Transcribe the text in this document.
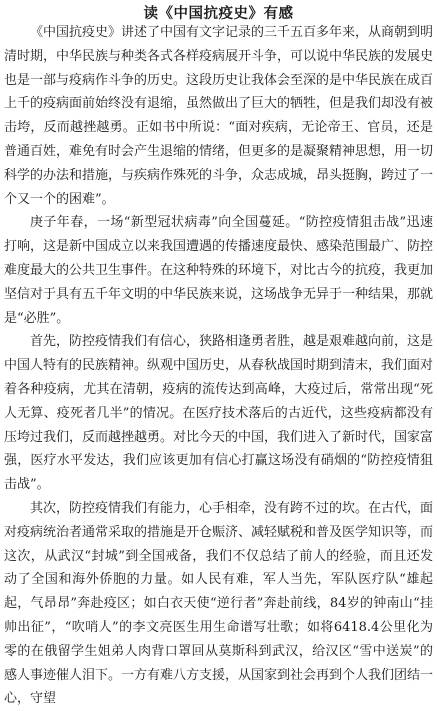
读《中国抗疫史》有感

《中国抗疫史》讲述了中国有文字记录的三千五百多年来，从商朝到明清时期，中华民族与种类各式各样疫病展开斗争，可以说中华民族的发展史也是一部与疫病作斗争的历史。这段历史让我体会至深的是中华民族在成百上千的疫病面前始终没有退缩，虽然做出了巨大的牺牲，但是我们却没有被击垮，反而越挫越勇。正如书中所说：“面对疾病，无论帝王、官员，还是普通百姓，难免有时会产生退缩的情绪，但更多的是凝聚精神思想，用一切科学的办法和措施，与疾病作殊死的斗争，众志成城，昂头挺胸，跨过了一个又一个的困难”。

庚子年春，一场“新型冠状病毒”向全国蔓延。“防控疫情狙击战”迅速打响，这是新中国成立以来我国遭遇的传播速度最快、感染范围最广、防控难度最大的公共卫生事件。在这种特殊的环境下，对比古今的抗疫，我更加坚信对于具有五千年文明的中华民族来说，这场战争无异于一种结果，那就是“必胜”。

首先，防控疫情我们有信心，狭路相逢勇者胜，越是艰难越向前，这是中国人特有的民族精神。纵观中国历史，从春秋战国时期到清末，我们面对着各种疫病，尤其在清朝，疫病的流传达到高峰，大疫过后，常常出现“死人无算、疫死者几半”的情况。在医疗技术落后的古近代，这些疫病都没有压垮过我们，反而越挫越勇。对比今天的中国，我们进入了新时代，国家富强，医疗水平发达，我们应该更加有信心打赢这场没有硝烟的“防控疫情狙击战”。

其次，防控疫情我们有能力，心手相牵，没有跨不过的坎。在古代，面对疫病统治者通常采取的措施是开仓赈济、减轻赋税和普及医学知识等，而这次，从武汉“封城”到全国戒备，我们不仅总结了前人的经验，而且还发动了全国和海外侨胞的力量。如人民有难，军人当先，军队医疗队“雄起起，气昂昂”奔赴疫区；如白衣天使“逆行者”奔赴前线，84岁的钟南山“挂帅出征”，“吹哨人”的李文亮医生用生命谱写壮歌；如将6418.4公里化为零的在俄留学生姐弟人肉背口罩回从莫斯科到武汉，给汉区“雪中送炭”的感人事迹催人泪下。一方有难八方支援，从国家到社会再到个人我们团结一心，守望
